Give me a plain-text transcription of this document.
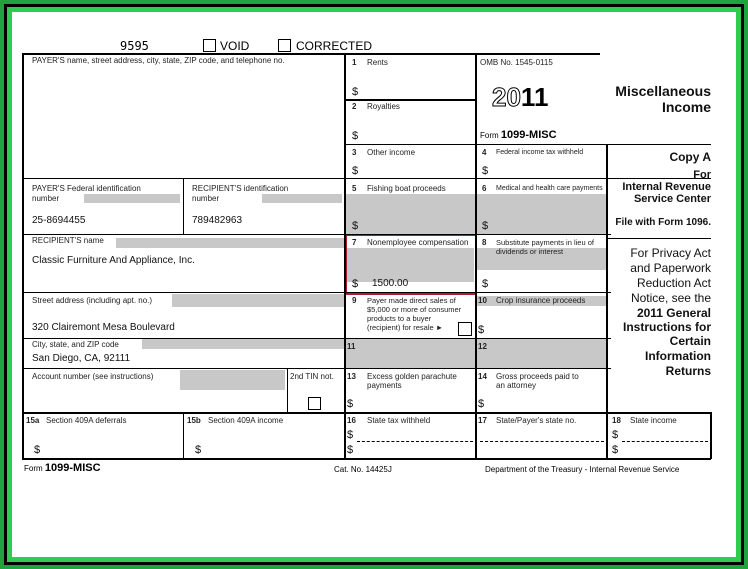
9595	VOID	CORRECTED
PAYER'S name, street address, city, state, ZIP code, and telephone no.
PAYER'S Federal identification
number
25-8694455
RECIPIENT'S identification
number
789482963
RECIPIENT'S name
Classic Furniture And Appliance, Inc.
Street address (including apt. no.)
320 Clairemont Mesa Boulevard
City, state, and ZIP code
San Diego, CA, 92111
Account number (see instructions)	2nd TIN not.
1 Rents
$
2 Royalties
$
OMB No. 1545-0115
2011
Form 1099-MISC
Miscellaneous
Income
3 Other income
$
4 Federal income tax withheld
$
5 Fishing boat proceeds
$
6 Medical and health care payments
$
7 Nonemployee compensation
$ 1500.00
8 Substitute payments in lieu of
dividends or interest
$
9 Payer made direct sales of
$5,000 or more of consumer
products to a buyer
(recipient) for resale ►
10 Crop insurance proceeds
$
11	12
13 Excess golden parachute
payments
$
14 Gross proceeds paid to
an attorney
$
15a Section 409A deferrals
$
15b Section 409A income
$
16 State tax withheld
$
$
17 State/Payer's state no.	18 State income
$
$
Copy A
For
Internal Revenue
Service Center
File with Form 1096.
For Privacy Act
and Paperwork
Reduction Act
Notice, see the
2011 General
Instructions for
Certain
Information
Returns
Form 1099-MISC	Cat. No. 14425J	Department of the Treasury - Internal Revenue Service
